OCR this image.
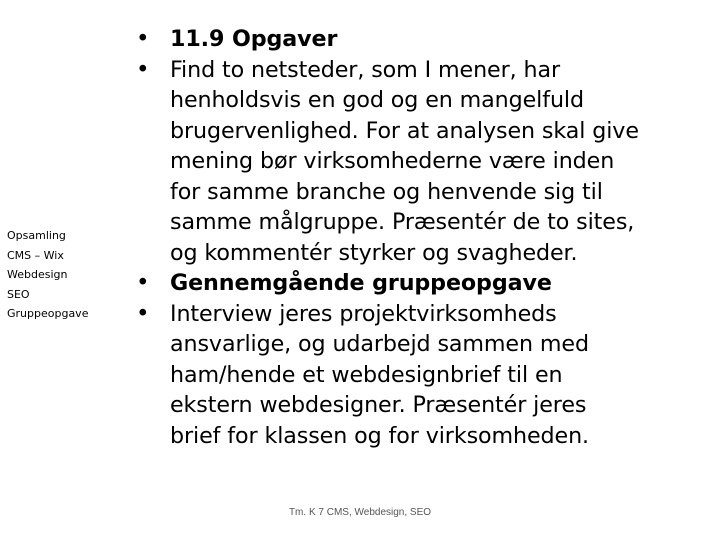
Opsamling
CMS – Wix
Webdesign
SEO
Gruppeopgave
• 11.9 Opgaver
• Find to netsteder, som I mener, har
henholdsvis en god og en mangelfuld
brugervenlighed. For at analysen skal give
mening bør virksomhederne være inden
for samme branche og henvende sig til
samme målgruppe. Præsentér de to sites,
og kommentér styrker og svagheder.
• Gennemgående gruppeopgave
• Interview jeres projektvirksomheds
ansvarlige, og udarbejd sammen med
ham/hende et webdesignbrief til en
ekstern webdesigner. Præsentér jeres
brief for klassen og for virksomheden.
Tm. K 7 CMS, Webdesign, SEO
